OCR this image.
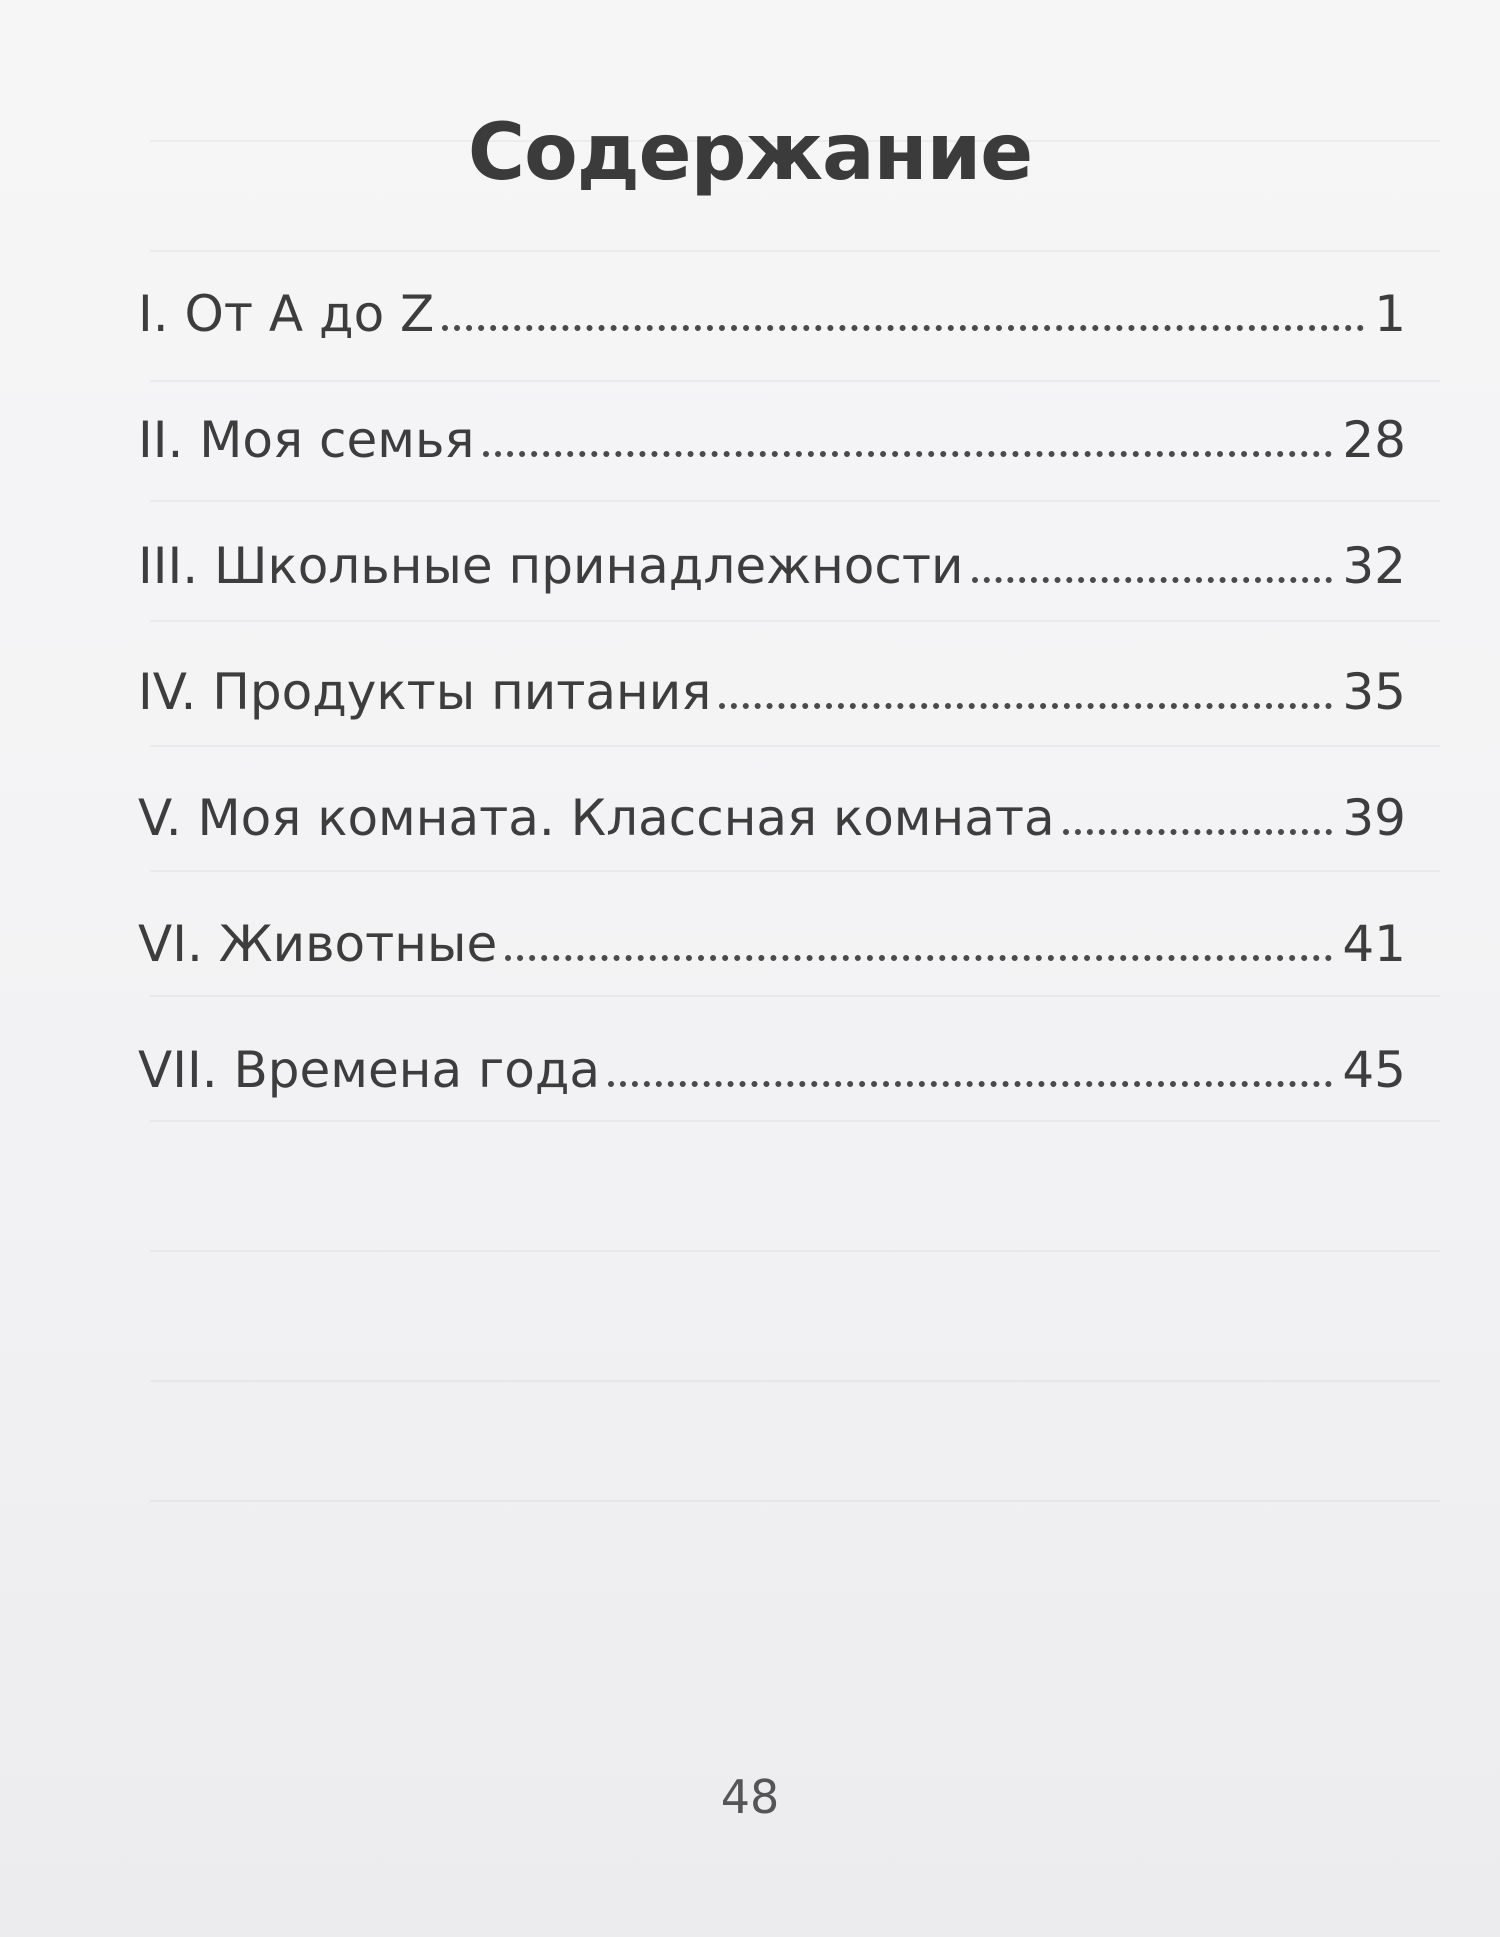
Содержание
I. От A до Z	1
II. Моя семья	28
III. Школьные принадлежности	32
IV. Продукты питания	35
V. Моя комната. Классная комната	39
VI. Животные	41
VII. Времена года	45
48
